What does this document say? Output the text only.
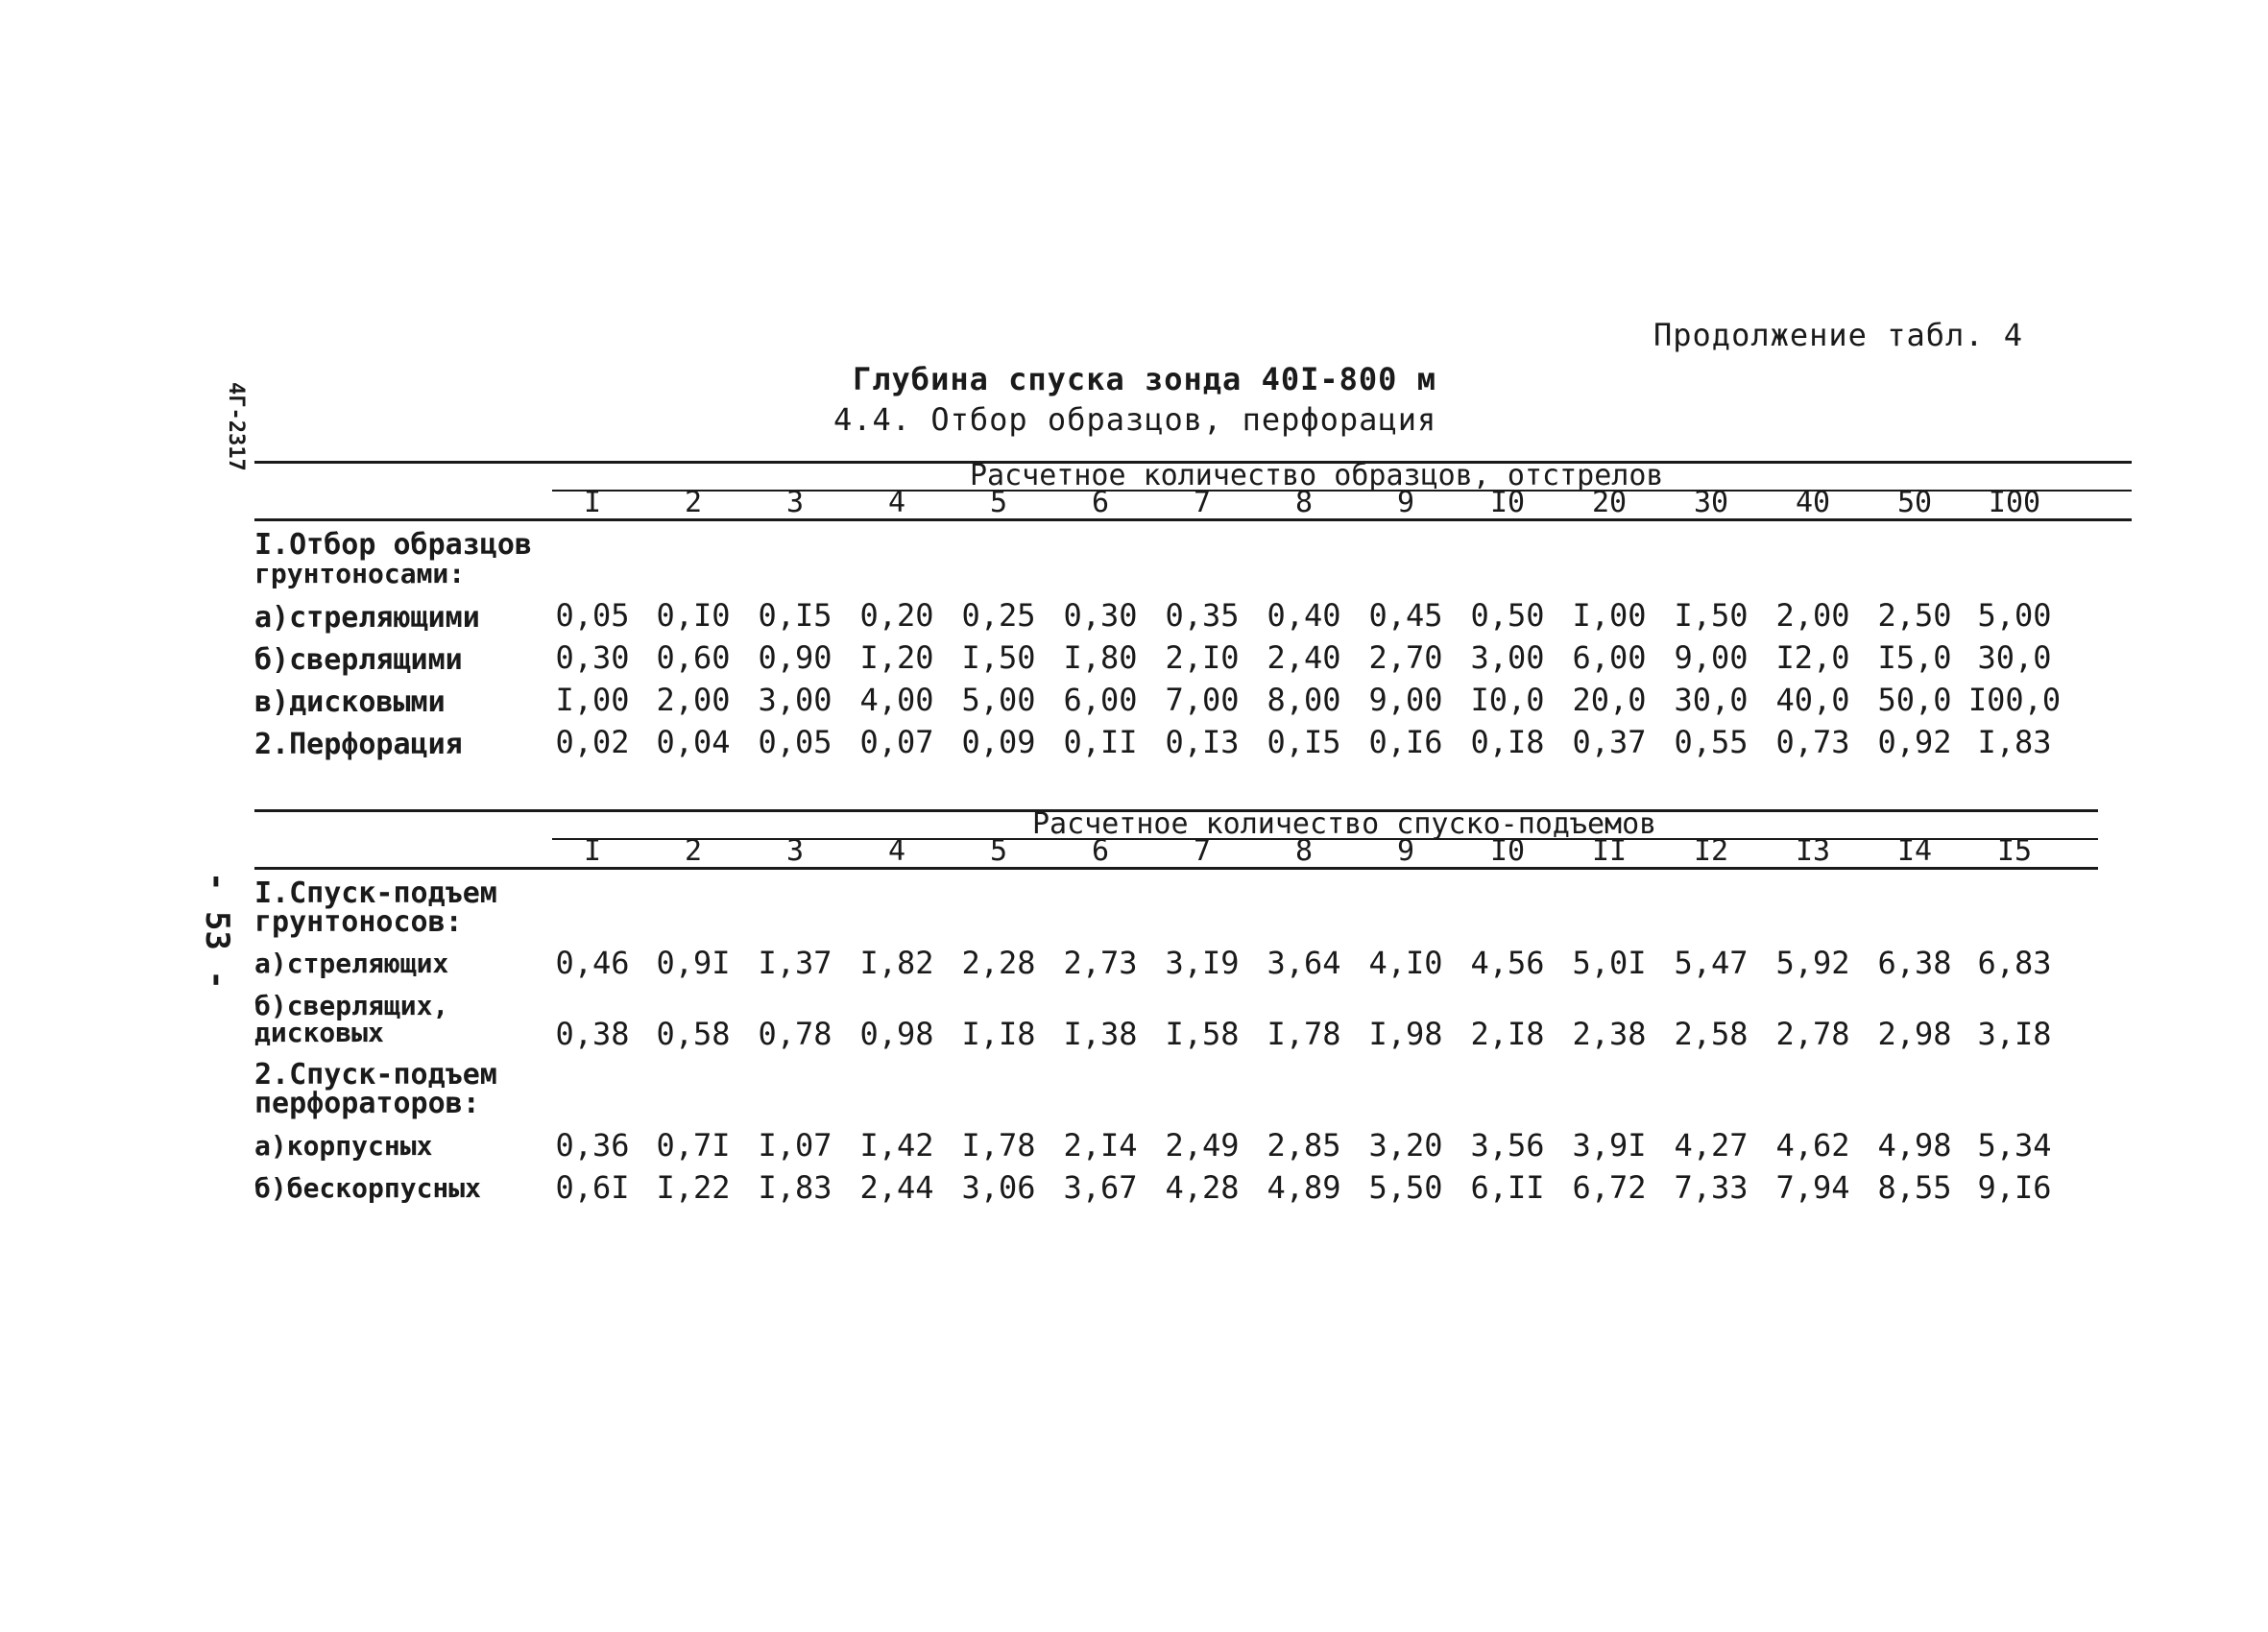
Продолжение табл. 4
Глубина спуска зонда 40I-800 м
4.4. Отбор образцов, перфорация
4Г-2317
- 53 -
Расчетное количество образцов, отстрелов
I	2	3	4	5	6	7	8	9	I0	20	30	40	50	I00
I.Отбор образцов
грунтоносами:
а)стреляющими	0,05 0,I0 0,I5 0,20 0,25 0,30 0,35 0,40 0,45 0,50 I,00 I,50 2,00 2,50 5,00
б)сверлящими	0,30 0,60 0,90 I,20 I,50 I,80 2,I0 2,40 2,70 3,00 6,00 9,00 I2,0 I5,0 30,0
в)дисковыми	I,00 2,00 3,00 4,00 5,00 6,00 7,00 8,00 9,00 I0,0 20,0 30,0 40,0 50,0 I00,0
2.Перфорация	0,02 0,04 0,05 0,07 0,09 0,II 0,I3 0,I5 0,I6 0,I8 0,37 0,55 0,73 0,92 I,83
Расчетное количество спуско-подъемов
I	2	3	4	5	6	7	8	9	I0	II	I2	I3	I4	I5
I.Спуск-подъем
грунтоносов:
а)стреляющих	0,46 0,9I I,37 I,82 2,28 2,73 3,I9 3,64 4,I0 4,56 5,0I 5,47 5,92 6,38 6,83
б)сверлящих,
дисковых	0,38 0,58 0,78 0,98 I,I8 I,38 I,58 I,78 I,98 2,I8 2,38 2,58 2,78 2,98 3,I8
2.Спуск-подъем
перфораторов:
а)корпусных	0,36 0,7I I,07 I,42 I,78 2,I4 2,49 2,85 3,20 3,56 3,9I 4,27 4,62 4,98 5,34
б)бескорпусных	0,6I I,22 I,83 2,44 3,06 3,67 4,28 4,89 5,50 6,II 6,72 7,33 7,94 8,55 9,I6
